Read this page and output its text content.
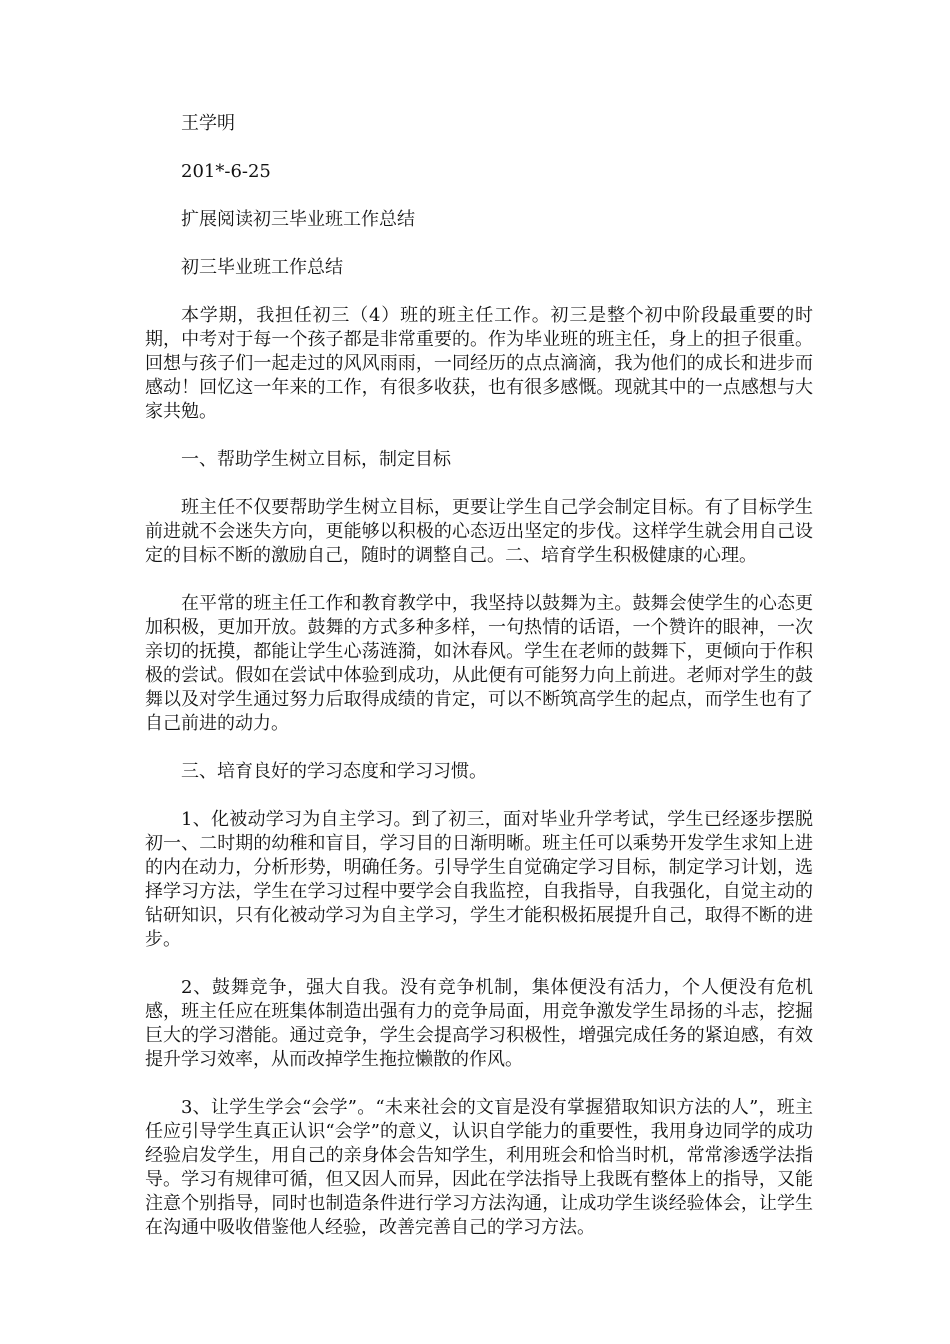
王学明

201*-6-25

扩展阅读初三毕业班工作总结

初三毕业班工作总结

本学期，我担任初三（4）班的班主任工作。初三是整个初中阶段最重要的时期，中考对于每一个孩子都是非常重要的。作为毕业班的班主任，身上的担子很重。回想与孩子们一起走过的风风雨雨，一同经历的点点滴滴，我为他们的成长和进步而感动！回忆这一年来的工作，有很多收获，也有很多感慨。现就其中的一点感想与大家共勉。

一、帮助学生树立目标，制定目标

班主任不仅要帮助学生树立目标，更要让学生自己学会制定目标。有了目标学生前进就不会迷失方向，更能够以积极的心态迈出坚定的步伐。这样学生就会用自己设定的目标不断的激励自己，随时的调整自己。二、培育学生积极健康的心理。

在平常的班主任工作和教育教学中，我坚持以鼓舞为主。鼓舞会使学生的心态更加积极，更加开放。鼓舞的方式多种多样，一句热情的话语，一个赞许的眼神，一次亲切的抚摸，都能让学生心荡涟漪，如沐春风。学生在老师的鼓舞下，更倾向于作积极的尝试。假如在尝试中体验到成功，从此便有可能努力向上前进。老师对学生的鼓舞以及对学生通过努力后取得成绩的肯定，可以不断筑高学生的起点，而学生也有了自己前进的动力。

三、培育良好的学习态度和学习习惯。

1、化被动学习为自主学习。到了初三，面对毕业升学考试，学生已经逐步摆脱初一、二时期的幼稚和盲目，学习目的日渐明晰。班主任可以乘势开发学生求知上进的内在动力，分析形势，明确任务。引导学生自觉确定学习目标，制定学习计划，选择学习方法，学生在学习过程中要学会自我监控，自我指导，自我强化，自觉主动的钻研知识，只有化被动学习为自主学习，学生才能积极拓展提升自己，取得不断的进步。

2、鼓舞竞争，强大自我。没有竞争机制，集体便没有活力，个人便没有危机感，班主任应在班集体制造出强有力的竞争局面，用竞争激发学生昂扬的斗志，挖掘巨大的学习潜能。通过竞争，学生会提高学习积极性，增强完成任务的紧迫感，有效提升学习效率，从而改掉学生拖拉懒散的作风。

3、让学生学会“会学”。“未来社会的文盲是没有掌握猎取知识方法的人”，班主任应引导学生真正认识“会学”的意义，认识自学能力的重要性，我用身边同学的成功经验启发学生，用自己的亲身体会告知学生，利用班会和恰当时机，常常渗透学法指导。学习有规律可循，但又因人而异，因此在学法指导上我既有整体上的指导，又能注意个别指导，同时也制造条件进行学习方法沟通，让成功学生谈经验体会，让学生在沟通中吸收借鉴他人经验，改善完善自己的学习方法。
